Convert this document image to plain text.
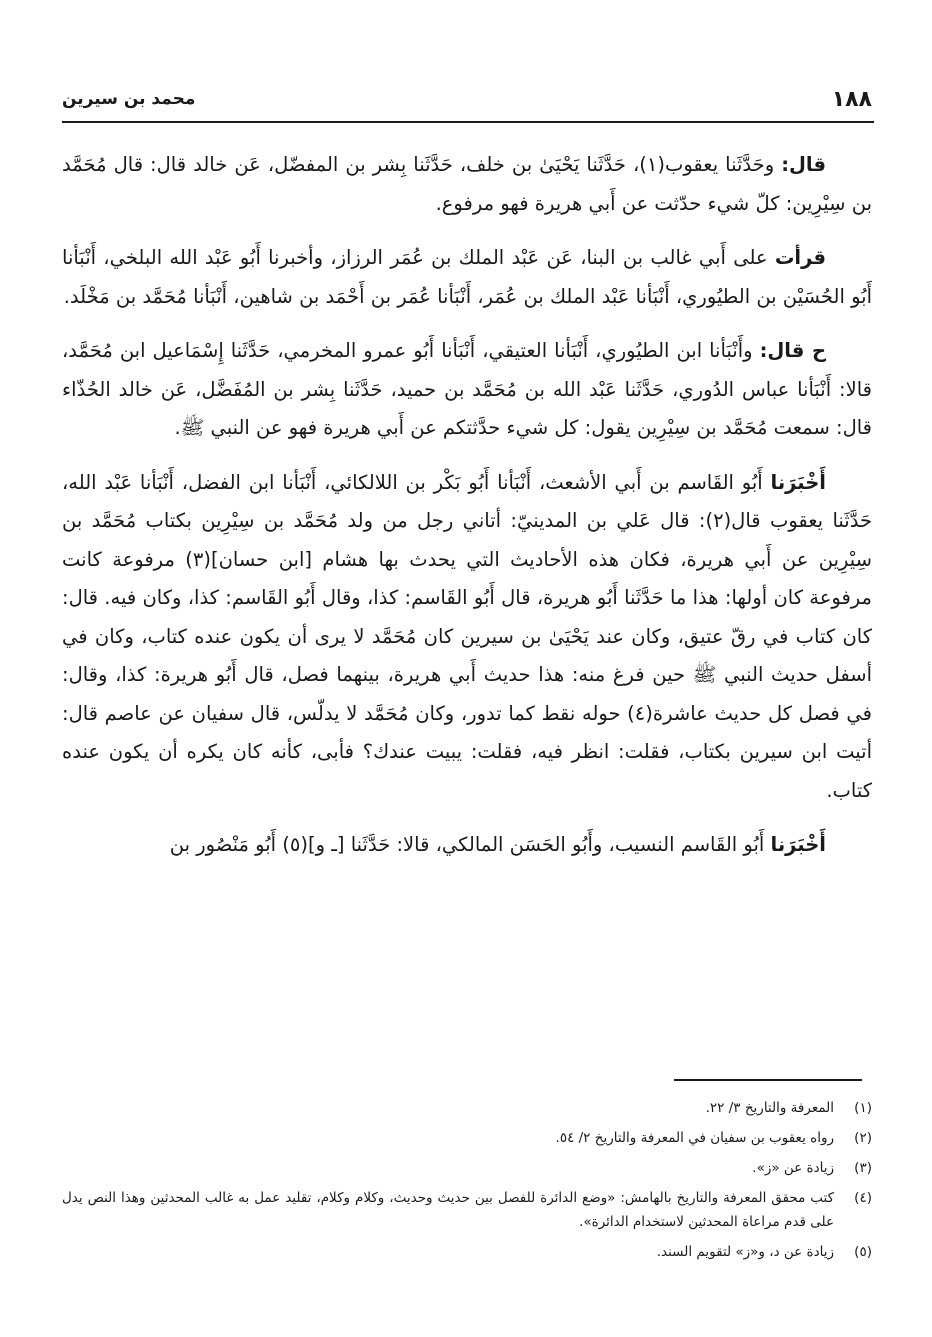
١٨٨
محمد بن سيرين

قال: وحَدَّثَنا يعقوب(١)، حَدَّثَنا يَحْيَىٰ بن خلف، حَدَّثَنا بِشر بن المفضّل، عَن خالد قال: قال مُحَمَّد بن سِيْرِين: كلّ شيء حدّثت عن أَبي هريرة فهو مرفوع.

قرأت على أَبي غالب بن البنا، عَن عَبْد الملك بن عُمَر الرزاز، وأخبرنا أَبُو عَبْد الله البلخي، أَنْبَأنا أَبُو الحُسَيْن بن الطيُوري، أَنْبَأنا عَبْد الملك بن عُمَر، أَنْبَأنا عُمَر بن أَحْمَد بن شاهين، أَنْبَأنا مُحَمَّد بن مَخْلَد.

ح قال: وأَنْبَأنا ابن الطيُوري، أَنْبَأنا العتيقي، أَنْبَأنا أَبُو عمرو المخرمي، حَدَّثَنا إِسْمَاعيل ابن مُحَمَّد، قالا: أَنْبَأنا عباس الدُوري، حَدَّثَنا عَبْد الله بن مُحَمَّد بن حميد، حَدَّثَنا بِشر بن المُفَضَّل، عَن خالد الحُذّاء قال: سمعت مُحَمَّد بن سِيْرِين يقول: كل شيء حدَّثتكم عن أَبي هريرة فهو عن النبي ﷺ.

أَخْبَرَنا أَبُو القَاسم بن أَبي الأشعث، أَنْبَأنا أَبُو بَكْر بن اللالكائي، أَنْبَأنا ابن الفضل، أَنْبَأنا عَبْد الله، حَدَّثَنا يعقوب قال(٢): قال عَلي بن المدينيّ: أتاني رجل من ولد مُحَمَّد بن سِيْرِين بكتاب مُحَمَّد بن سِيْرِين عن أَبي هريرة، فكان هذه الأحاديث التي يحدث بها هشام [ابن حسان](٣) مرفوعة كانت مرفوعة كان أولها: هذا ما حَدَّثَنا أَبُو هريرة، قال أَبُو القَاسم: كذا، وقال أَبُو القَاسم: كذا، وكان فيه. قال: كان كتاب في رقّ عتيق، وكان عند يَحْيَىٰ بن سيرين كان مُحَمَّد لا يرى أن يكون عنده كتاب، وكان في أسفل حديث النبي ﷺ حين فرغ منه: هذا حديث أَبي هريرة، بينهما فصل، قال أَبُو هريرة: كذا، وقال: في فصل كل حديث عاشرة(٤) حوله نقط كما تدور، وكان مُحَمَّد لا يدلّس، قال سفيان عن عاصم قال: أتيت ابن سيرين بكتاب، فقلت: انظر فيه، فقلت: يبيت عندك؟ فأبى، كأنه كان يكره أن يكون عنده كتاب.

أَخْبَرَنا أَبُو القَاسم النسيب، وأَبُو الحَسَن المالكي، قالا: حَدَّثَنا [ـ و](٥) أَبُو مَنْصُور بن

(١)
المعرفة والتاريخ ٣/ ٢٢.
(٢)
رواه يعقوب بن سفيان في المعرفة والتاريخ ٢/ ٥٤.
(٣)
زيادة عن «ز».
(٤)
كتب محقق المعرفة والتاريخ بالهامش: «وضع الدائرة للفصل بين حديث وحديث، وكلام وكلام، تقليد عمل به غالب المحدثين وهذا النص يدل على قدم مراعاة المحدثين لاستخدام الدائرة».
(٥)
زيادة عن د، و«ز» لتقويم السند.
